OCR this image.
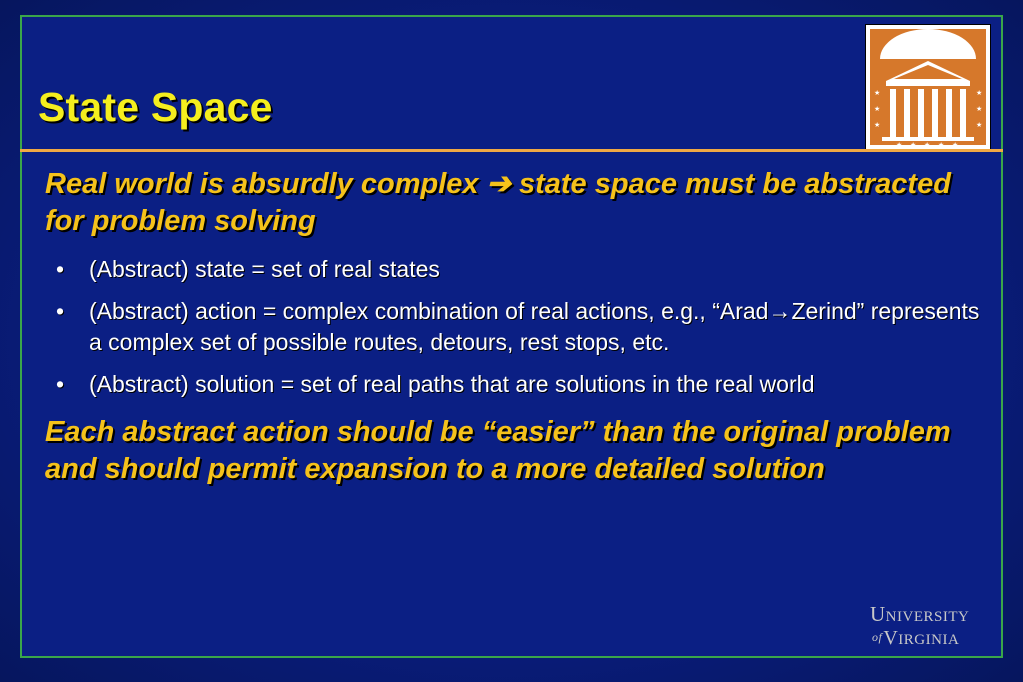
★
★
★
★
★
★
★ ★ ★ ★ ★
State Space

Real world is absurdly complex ➔ state space must be abstracted for problem solving

• (Abstract) state = set of real states
• (Abstract) action = complex combination of real actions, e.g., “Arad→Zerind” represents a complex set of possible routes, detours, rest stops, etc.
• (Abstract) solution = set of real paths that are solutions in the real world

Each abstract action should be “easier” than the original problem and should permit expansion to a more detailed solution

UNIVERSITY
ofVIRGINIA
